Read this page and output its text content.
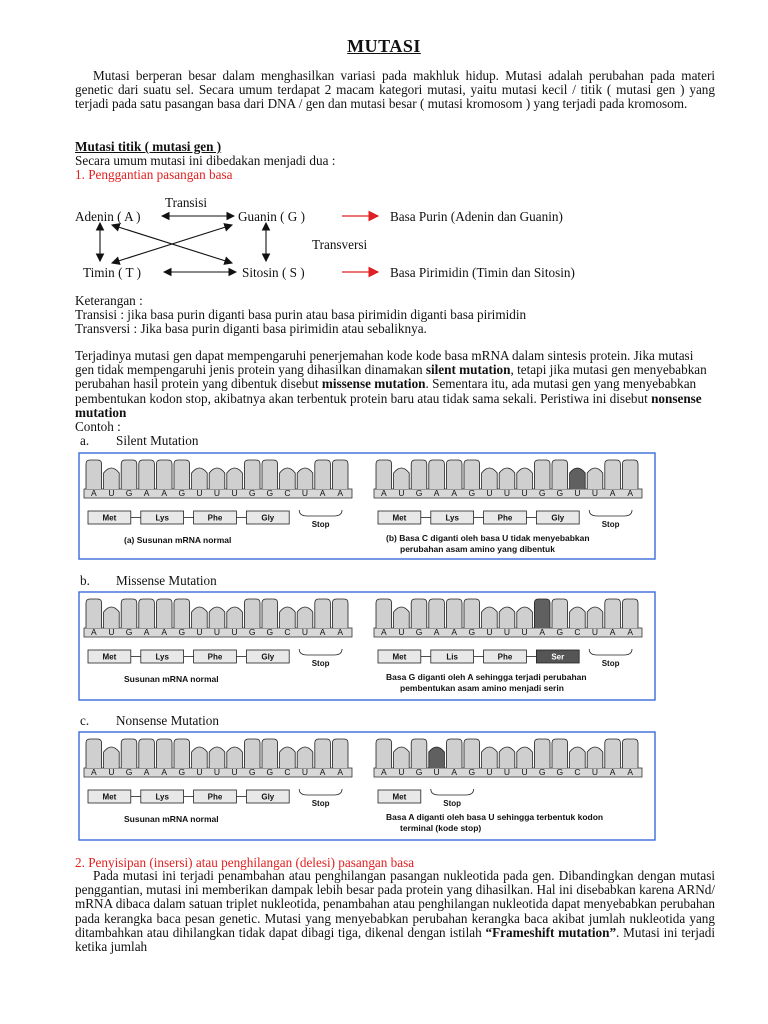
MUTASI
Mutasi berperan besar dalam menghasilkan variasi pada makhluk hidup. Mutasi adalah perubahan pada materi genetic dari suatu sel. Secara umum terdapat 2 macam kategori mutasi, yaitu mutasi kecil / titik ( mutasi gen ) yang terjadi pada satu pasangan basa dari DNA / gen dan mutasi besar ( mutasi kromosom ) yang terjadi pada kromosom.
Mutasi titik ( mutasi gen )
Secara umum mutasi ini dibedakan menjadi dua :
1. Penggantian pasangan basa
Transisi
Adenin ( A )	Guanin ( G )	Basa Purin (Adenin dan Guanin)
Transversi
Timin ( T )	Sitosin ( S )	Basa Pirimidin (Timin dan Sitosin)
Keterangan :
Transisi : jika basa purin diganti basa purin atau basa pirimidin diganti basa pirimidin
Transversi : Jika basa purin diganti basa pirimidin atau sebaliknya.
Terjadinya mutasi gen dapat mempengaruhi penerjemahan kode kode basa mRNA dalam sintesis protein. Jika mutasi gen tidak mempengaruhi jenis protein yang dihasilkan dinamakan silent mutation, tetapi jika mutasi gen menyebabkan perubahan hasil protein yang dibentuk disebut missense mutation. Sementara itu, ada mutasi gen yang menyebabkan pembentukan kodon stop, akibatnya akan terbentuk protein baru atau tidak sama sekali. Peristiwa ini disebut nonsense mutation
Contoh :
a. Silent Mutation
A U G A A G U U U G G C U A A
Met	Lys	Phe	Gly
Stop
(a) Susunan mRNA normal
A U G A A G U U U G G U U A A
Met	Lys	Phe	Gly
Stop
(b) Basa C diganti oleh basa U tidak menyebabkan
perubahan asam amino yang dibentuk
b. Missense Mutation
A U G A A G U U U G G C U A A
Met	Lys	Phe	Gly
Stop
Susunan mRNA normal
A U G A A G U U U A G C U A A
Met	Lis	Phe	Ser
Stop
Basa G diganti oleh A sehingga terjadi perubahan
pembentukan asam amino menjadi serin
c. Nonsense Mutation
A U G A A G U U U G G C U A A
Met	Lys	Phe	Gly
Stop
Susunan mRNA normal
A U G U A G U U U G G C U A A
Met
Stop
Basa A diganti oleh basa U sehingga terbentuk kodon
terminal (kode stop)
2. Penyisipan (insersi) atau penghilangan (delesi) pasangan basa
Pada mutasi ini terjadi penambahan atau penghilangan pasangan nukleotida pada gen. Dibandingkan dengan mutasi penggantian, mutasi ini memberikan dampak lebih besar pada protein yang dihasilkan. Hal ini disebabkan karena ARNd/ mRNA dibaca dalam satuan triplet nukleotida, penambahan atau penghilangan nukleotida dapat menyebabkan perubahan pada kerangka baca pesan genetic. Mutasi yang menyebabkan perubahan kerangka baca akibat jumlah nukleotida yang ditambahkan atau dihilangkan tidak dapat dibagi tiga, dikenal dengan istilah “Frameshift mutation”. Mutasi ini terjadi ketika jumlah
